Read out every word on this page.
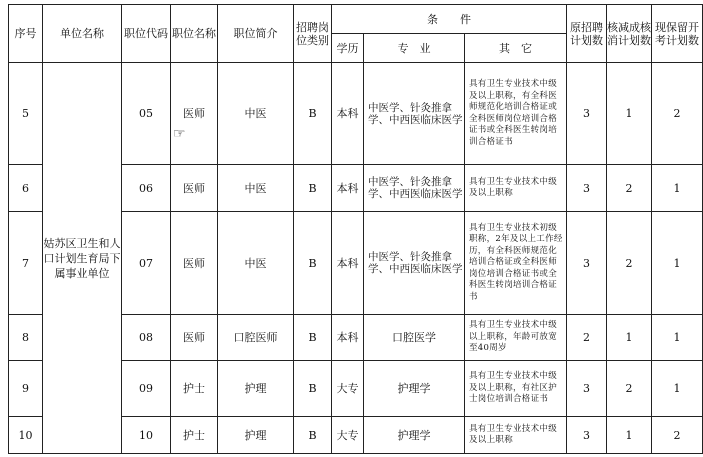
序号	单位名称	职位代码	职位名称	职位简介	招聘岗位类别	条　　件			原招聘计划数	核减成核消计划数	现保留开考计划数
						学历	专　业	其　它			
5	姑苏区卫生和人口计划生育局下属事业单位	05	医师	中医	B	本科	中医学、针灸推拿学、中西医临床医学	具有卫生专业技术中级及以上职称，有全科医师规范化培训合格证或全科医师岗位培训合格证书或全科医生转岗培训合格证书	3	1	2
6		06	医师	中医	B	本科	中医学、针灸推拿学、中西医临床医学	具有卫生专业技术中级及以上职称	3	2	1
7		07	医师	中医	B	本科	中医学、针灸推拿学、中西医临床医学	具有卫生专业技术初级职称，2年及以上工作经历，有全科医师规范化培训合格证或全科医师岗位培训合格证书或全科医生转岗培训合格证书	3	2	1
8		08	医师	口腔医师	B	本科	口腔医学	具有卫生专业技术中级以上职称，年龄可放宽至40周岁	2	1	1
9		09	护士	护理	B	大专	护理学	具有卫生专业技术中级及以上职称，有社区护士岗位培训合格证书	3	2	1
10		10	护士	护理	B	大专	护理学	具有卫生专业技术中级及以上职称	3	1	2
☞
